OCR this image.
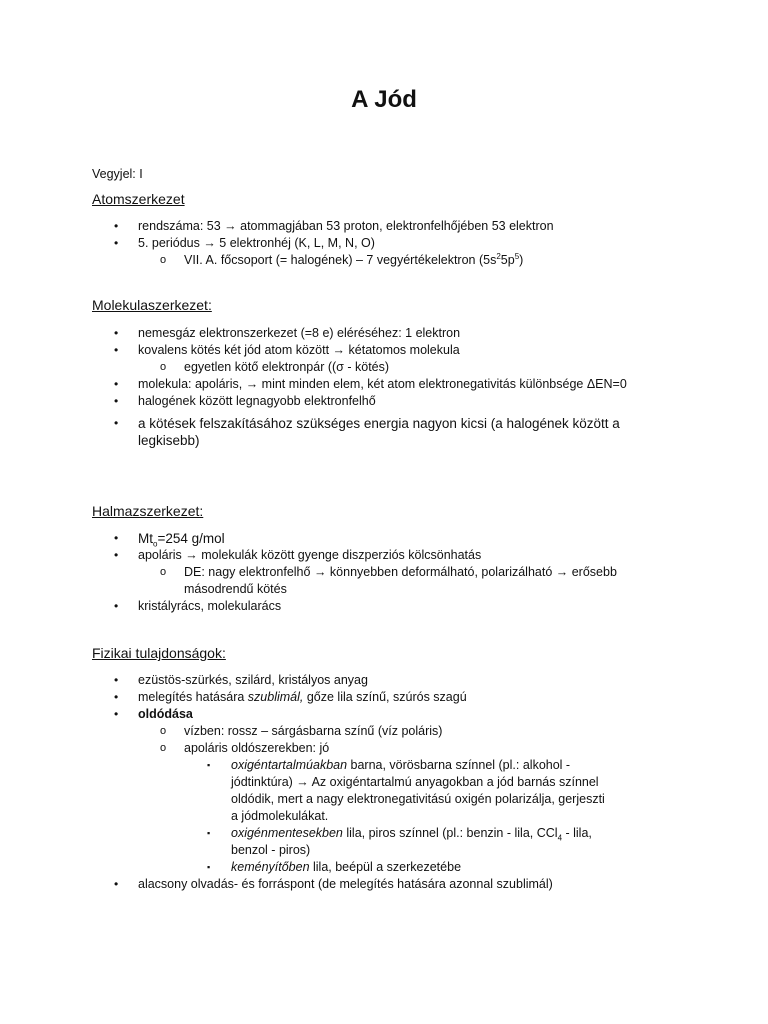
A Jód
Vegyjel: I

Atomszerkezet

• rendszáma: 53 → atommagjában 53 proton, elektronfelhőjében 53 elektron
• 5. periódus → 5 elektronhéj (K, L, M, N, O)
o VII. A. főcsoport (= halogének) – 7 vegyértékelektron $(5s^25p^5)$

Molekulaszerkezet:

• nemesgáz elektronszerkezet (=8 e) eléréséhez: 1 elektron
• kovalens kötés két jód atom között → kétatomos molekula
o egyetlen kötő elektronpár ((σ - kötés)
• molekula: apoláris, → mint minden elem, két atom elektronegativitás különbsége ΔEN=0
• halogének között legnagyobb elektronfelhő
• a kötések felszakításához szükséges energia nagyon kicsi (a halogének között a legkisebb)

Halmazszerkezet:

• $Mt_o=254$ g/mol
• apoláris → molekulák között gyenge diszperziós kölcsönhatás
o DE: nagy elektronfelhő → könnyebben deformálható, polarizálható → erősebb másodrendű kötés
• kristályrács, molekularács

Fizikai tulajdonságok:

• ezüstös-szürkés, szilárd, kristályos anyag
• melegítés hatására szublimál, gőze lila színű, szúrós szagú
• oldódása
o vízben: rossz – sárgásbarna színű (víz poláris)
o apoláris oldószerekben: jó
▪ oxigéntartalmúakban barna, vörösbarna színnel (pl.: alkohol - jódtinktúra) → Az oxigéntartalmú anyagokban a jód barnás színnel oldódik, mert a nagy elektronegativitású oxigén polarizálja, gerjeszti a jódmolekulákat.
▪ oxigénmentesekben lila, piros színnel (pl.: benzin - lila, CCl$_4$ - lila, benzol - piros)
▪ keményítőben lila, beépül a szerkezetébe
• alacsony olvadás- és forráspont (de melegítés hatására azonnal szublimál)
